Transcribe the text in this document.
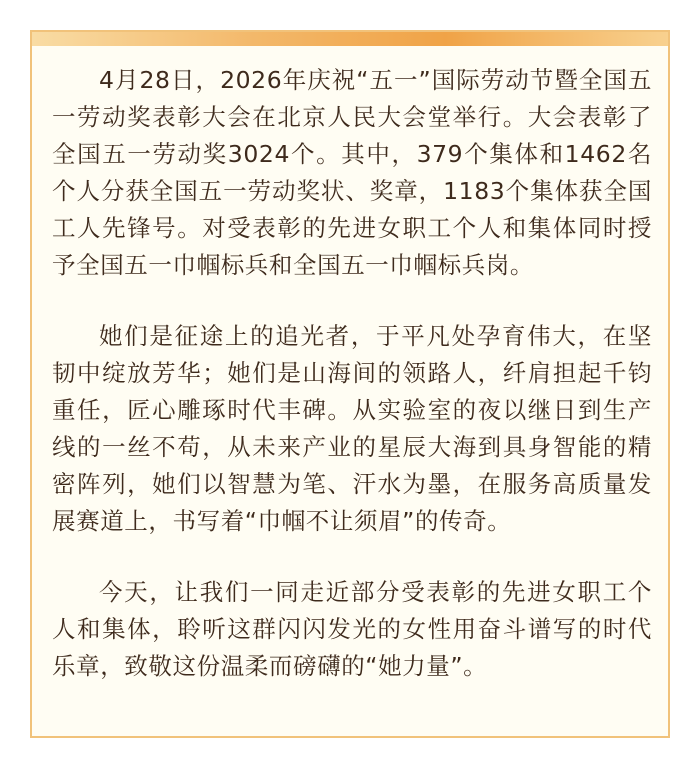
4月28日，2026年庆祝“五一”国际劳动节暨全国五一劳动奖表彰大会在北京人民大会堂举行。大会表彰了全国五一劳动奖3024个。其中，379个集体和1462名个人分获全国五一劳动奖状、奖章，1183个集体获全国工人先锋号。对受表彰的先进女职工个人和集体同时授予全国五一巾帼标兵和全国五一巾帼标兵岗。

她们是征途上的追光者，于平凡处孕育伟大，在坚韧中绽放芳华；她们是山海间的领路人，纤肩担起千钧重任，匠心雕琢时代丰碑。从实验室的夜以继日到生产线的一丝不苟，从未来产业的星辰大海到具身智能的精密阵列，她们以智慧为笔、汗水为墨，在服务高质量发展赛道上，书写着“巾帼不让须眉”的传奇。

今天，让我们一同走近部分受表彰的先进女职工个人和集体，聆听这群闪闪发光的女性用奋斗谱写的时代乐章，致敬这份温柔而磅礴的“她力量”。
